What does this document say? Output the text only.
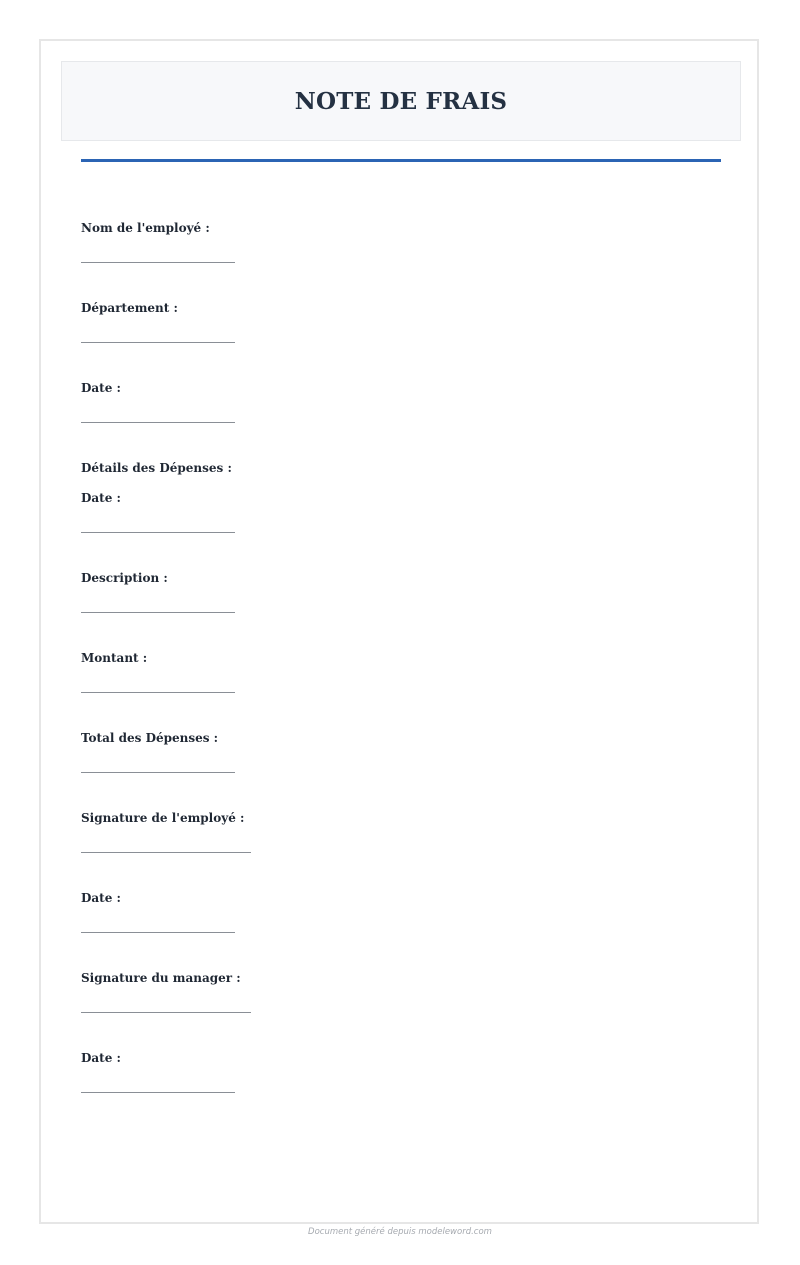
NOTE DE FRAIS
Nom de l'employé :
Département :
Date :
Détails des Dépenses :
Date :
Description :
Montant :
Total des Dépenses :
Signature de l'employé :
Date :
Signature du manager :
Date :
Document généré depuis modeleword.com
